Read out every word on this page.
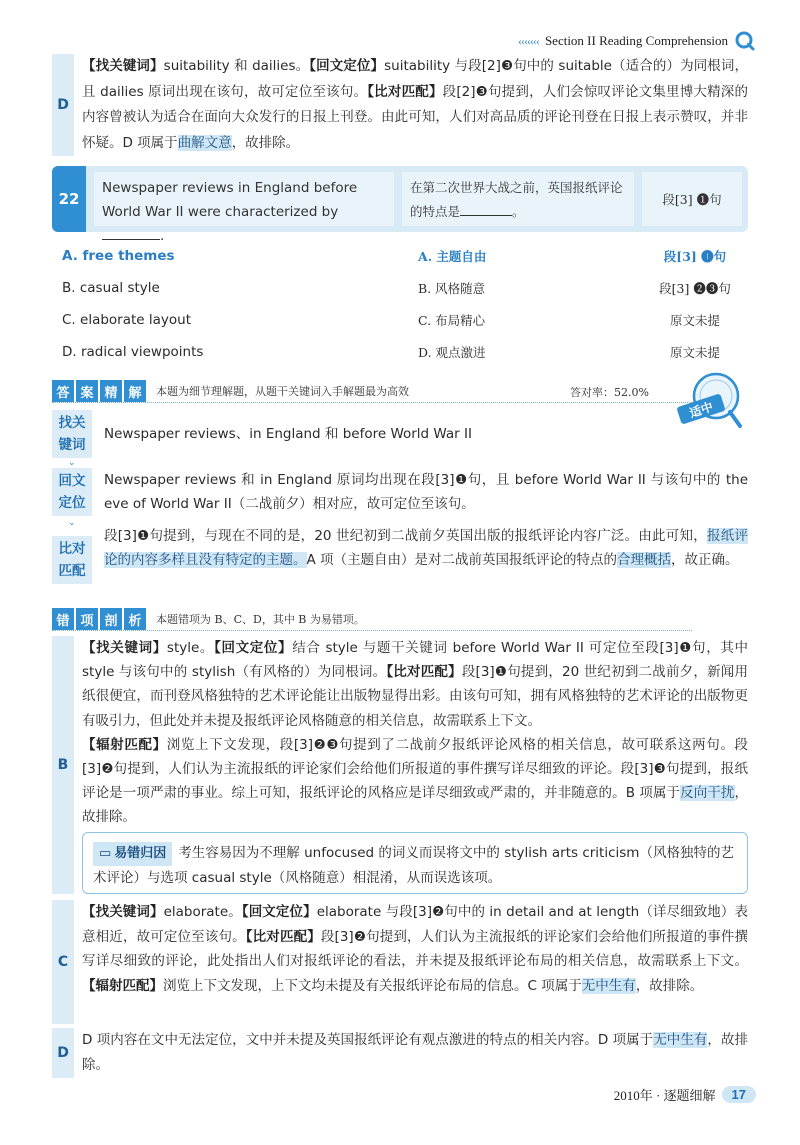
‹‹‹‹‹‹‹ Section II Reading Comprehension
D
【找关键词】suitability 和 dailies。【回文定位】suitability 与段[2]❸句中的 suitable（适合的）为同根词，且 dailies 原词出现在该句，故可定位至该句。【比对匹配】段[2]❸句提到，人们会惊叹评论文集里博大精深的内容曾被认为适合在面向大众发行的日报上刊登。由此可知，人们对高品质的评论刊登在日报上表示赞叹，并非怀疑。D 项属于曲解文意，故排除。
22
Newspaper reviews in England before World War II were characterized by .
在第二次世界大战之前，英国报纸评论的特点是	。
段[3] ❶句
A. free themes	A. 主题自由	段[3] ❶句
B. casual style	B. 风格随意	段[3] ❷❸句
C. elaborate layout	C. 布局精心	原文未提
D. radical viewpoints	D. 观点激进	原文未提
答 案 精 解	本题为细节理解题，从题干关键词入手解题最为高效	答对率：52.0%
适中
找关键词
Newspaper reviews、in England 和 before World War II
⌄
回文定位
Newspaper reviews 和 in England 原词均出现在段[3]❶句，且 before World War II 与该句中的 the eve of World War II（二战前夕）相对应，故可定位至该句。
⌄
比对匹配
段[3]❶句提到，与现在不同的是，20 世纪初到二战前夕英国出版的报纸评论内容广泛。由此可知，报纸评论的内容多样且没有特定的主题。A 项（主题自由）是对二战前英国报纸评论的特点的合理概括，故正确。
错 项 剖 析	本题错项为 B、C、D，其中 B 为易错项。
B
【找关键词】style。【回文定位】结合 style 与题干关键词 before World War II 可定位至段[3]❶句，其中 style 与该句中的 stylish（有风格的）为同根词。【比对匹配】段[3]❶句提到，20 世纪初到二战前夕，新闻用纸很便宜，而刊登风格独特的艺术评论能让出版物显得出彩。由该句可知，拥有风格独特的艺术评论的出版物更有吸引力，但此处并未提及报纸评论风格随意的相关信息，故需联系上下文。
【辐射匹配】浏览上下文发现，段[3]❷❸句提到了二战前夕报纸评论风格的相关信息，故可联系这两句。段[3]❷句提到，人们认为主流报纸的评论家们会给他们所报道的事件撰写详尽细致的评论。段[3]❸句提到，报纸评论是一项严肃的事业。综上可知，报纸评论的风格应是详尽细致或严肃的，并非随意的。B 项属于反向干扰，故排除。
▭ 易错归因 考生容易因为不理解 unfocused 的词义而误将文中的 stylish arts criticism（风格独特的艺术评论）与选项 casual style（风格随意）相混淆，从而误选该项。
C
【找关键词】elaborate。【回文定位】elaborate 与段[3]❷句中的 in detail and at length（详尽细致地）表意相近，故可定位至该句。【比对匹配】段[3]❷句提到，人们认为主流报纸的评论家们会给他们所报道的事件撰写详尽细致的评论，此处指出人们对报纸评论的看法，并未提及报纸评论布局的相关信息，故需联系上下文。【辐射匹配】浏览上下文发现，上下文均未提及有关报纸评论布局的信息。C 项属于无中生有，故排除。
D
D 项内容在文中无法定位，文中并未提及英国报纸评论有观点激进的特点的相关内容。D 项属于无中生有，故排除。
2010年 · 逐题细解	17
